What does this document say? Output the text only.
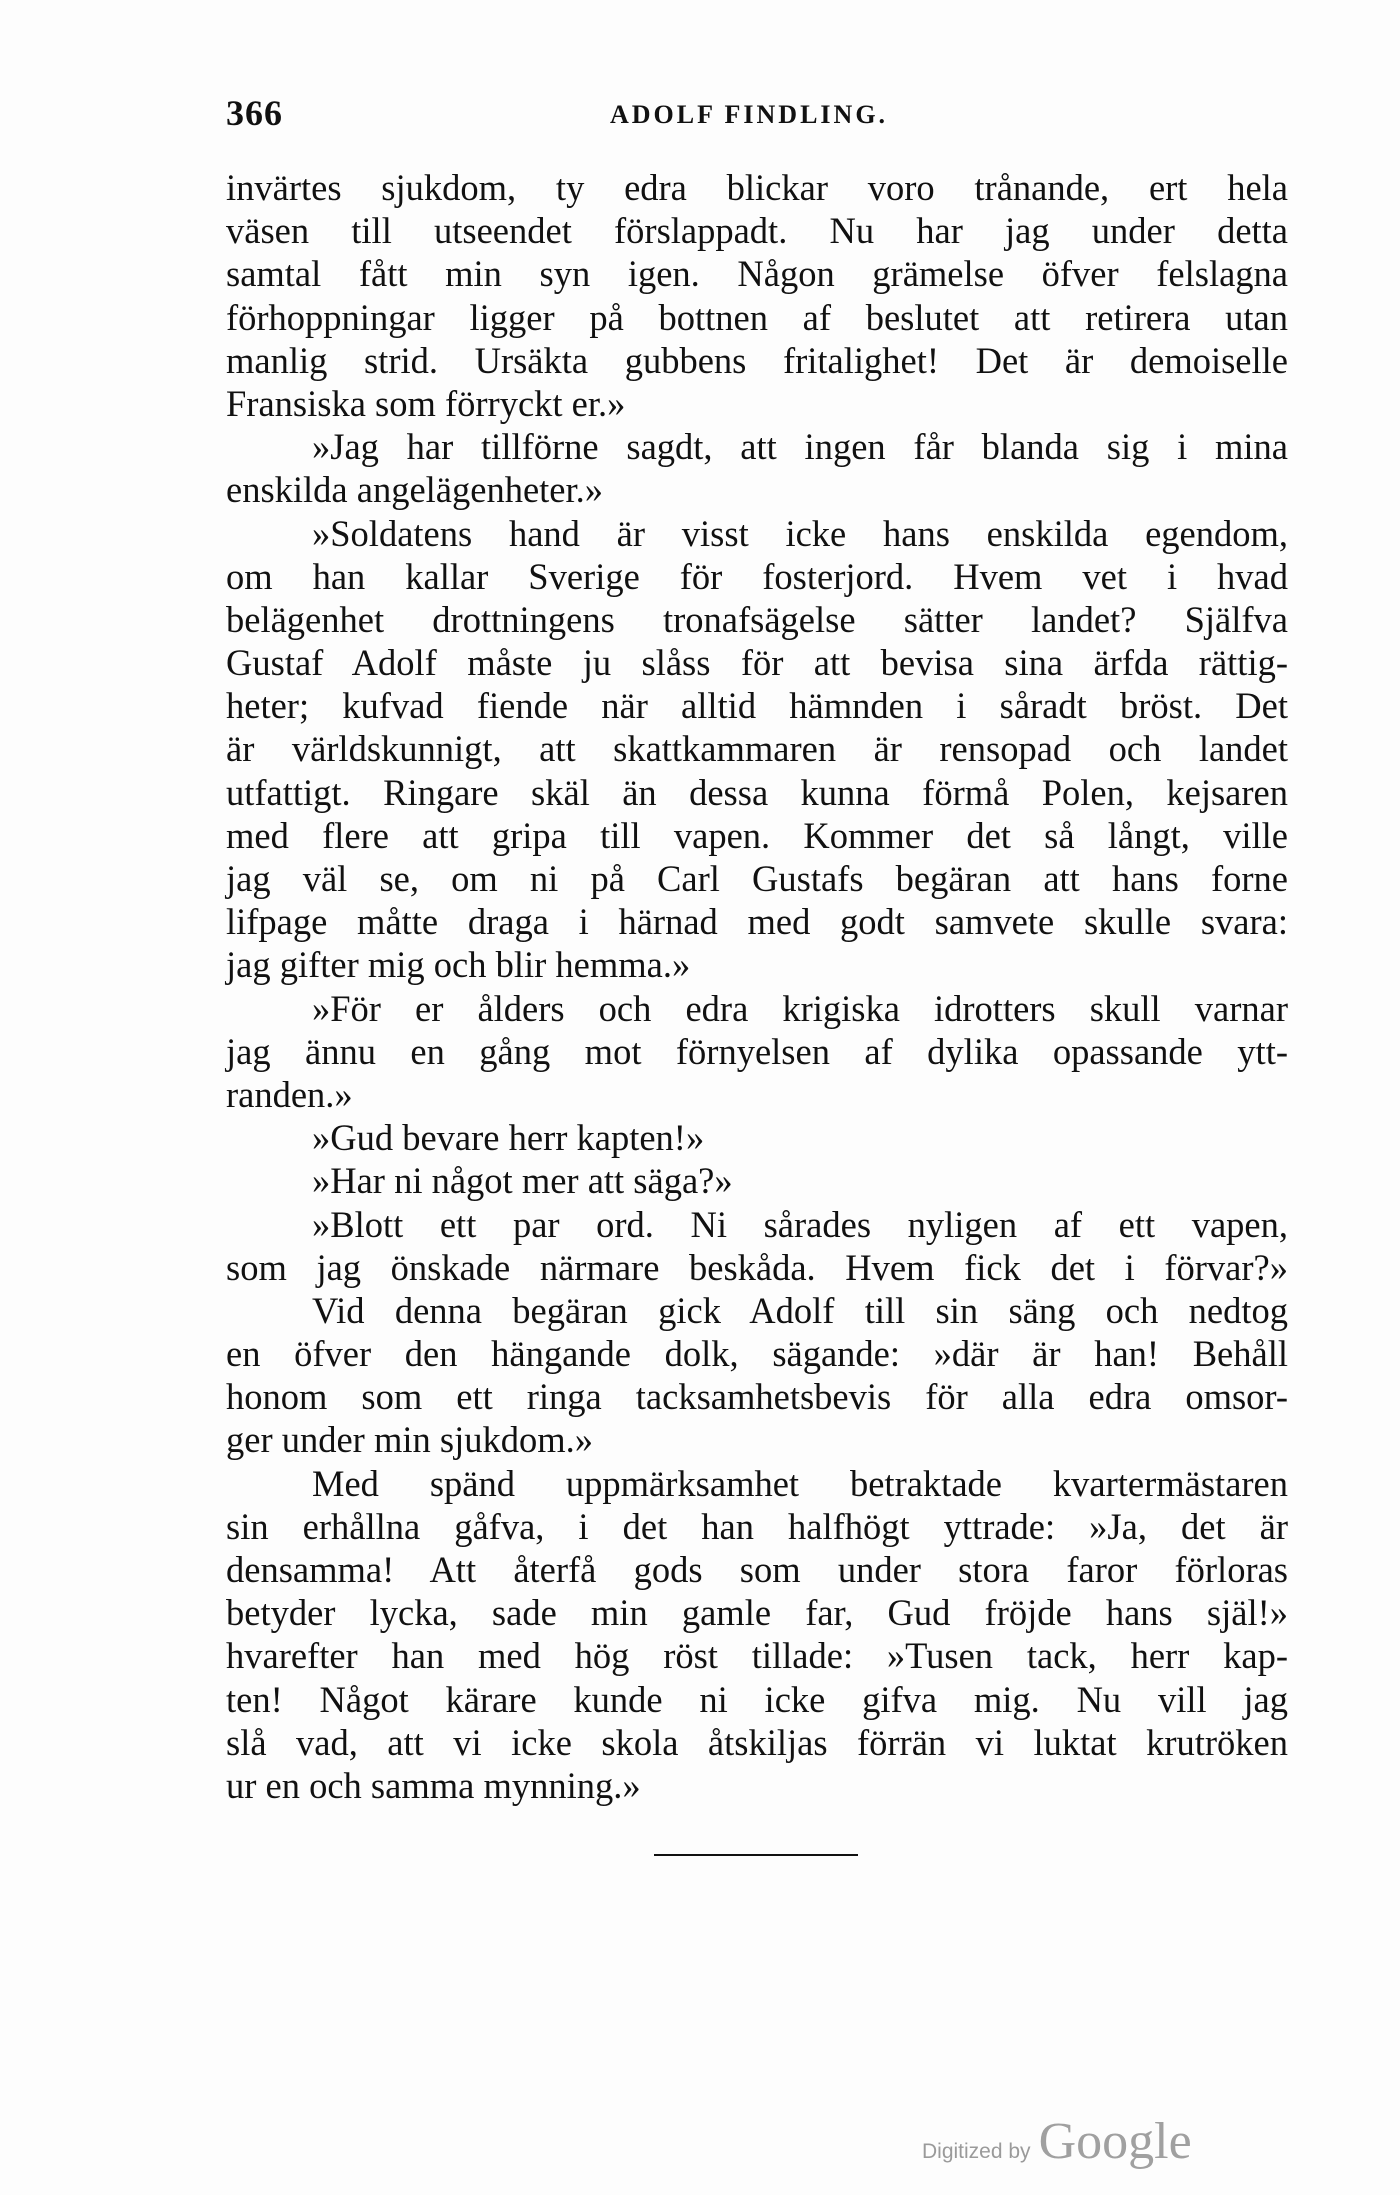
366	ADOLF FINDLING.
invärtes sjukdom, ty edra blickar voro trånande, ert hela
väsen till utseendet förslappadt. Nu har jag under detta
samtal fått min syn igen. Någon grämelse öfver felslagna
förhoppningar ligger på bottnen af beslutet att retirera utan
manlig strid. Ursäkta gubbens fritalighet! Det är demoiselle
Fransiska som förryckt er.»
»Jag har tillförne sagdt, att ingen får blanda sig i mina
enskilda angelägenheter.»
»Soldatens hand är visst icke hans enskilda egendom,
om han kallar Sverige för fosterjord. Hvem vet i hvad
belägenhet drottningens tronafsägelse sätter landet? Själfva
Gustaf Adolf måste ju slåss för att bevisa sina ärfda rättig-
heter; kufvad fiende när alltid hämnden i såradt bröst. Det
är världskunnigt, att skattkammaren är rensopad och landet
utfattigt. Ringare skäl än dessa kunna förmå Polen, kejsaren
med flere att gripa till vapen. Kommer det så långt, ville
jag väl se, om ni på Carl Gustafs begäran att hans forne
lifpage måtte draga i härnad med godt samvete skulle svara:
jag gifter mig och blir hemma.»
»För er ålders och edra krigiska idrotters skull varnar
jag ännu en gång mot förnyelsen af dylika opassande ytt-
randen.»
»Gud bevare herr kapten!»
»Har ni något mer att säga?»
»Blott ett par ord. Ni sårades nyligen af ett vapen,
som jag önskade närmare beskåda. Hvem fick det i förvar?»
Vid denna begäran gick Adolf till sin säng och nedtog
en öfver den hängande dolk, sägande: »där är han! Behåll
honom som ett ringa tacksamhetsbevis för alla edra omsor-
ger under min sjukdom.»
Med spänd uppmärksamhet betraktade kvartermästaren
sin erhållna gåfva, i det han halfhögt yttrade: »Ja, det är
densamma! Att återfå gods som under stora faror förloras
betyder lycka, sade min gamle far, Gud fröjde hans själ!»
hvarefter han med hög röst tillade: »Tusen tack, herr kap-
ten! Något kärare kunde ni icke gifva mig. Nu vill jag
slå vad, att vi icke skola åtskiljas förrän vi luktat krutröken
ur en och samma mynning.»
Digitized by Google
